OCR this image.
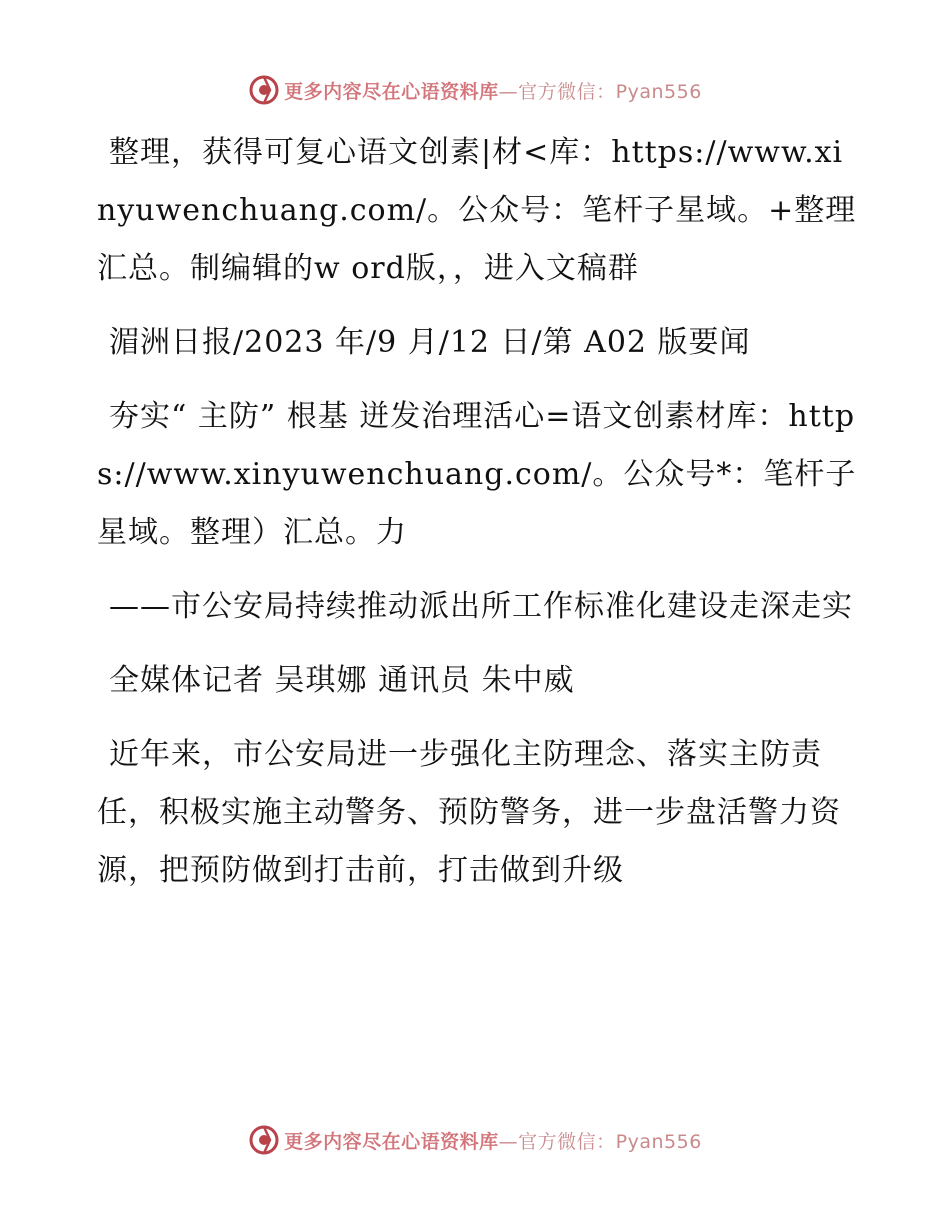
更多内容尽在心语资料库 —官方微信：Pyan556

整理，获得可复心语文创素|材<库：https://www.xinyuwenchuang.com/。公众号：笔杆子星域。+整理汇总。制编辑的w ord版，，进入文稿群

湄洲日报/2023 年/9 月/12 日/第 A02 版要闻

夯实“ 主防” 根基 迸发治理活心=语文创素材库：https://www.xinyuwenchuang.com/。公众号*：笔杆子星域。整理）汇总。力

——市公安局持续推动派出所工作标准化建设走深走实

全媒体记者 吴琪娜 通讯员 朱中威

近年来，市公安局进一步强化主防理念、落实主防责任，积极实施主动警务、预防警务，进一步盘活警力资源，把预防做到打击前，打击做到升级

更多内容尽在心语资料库 —官方微信：Pyan556
